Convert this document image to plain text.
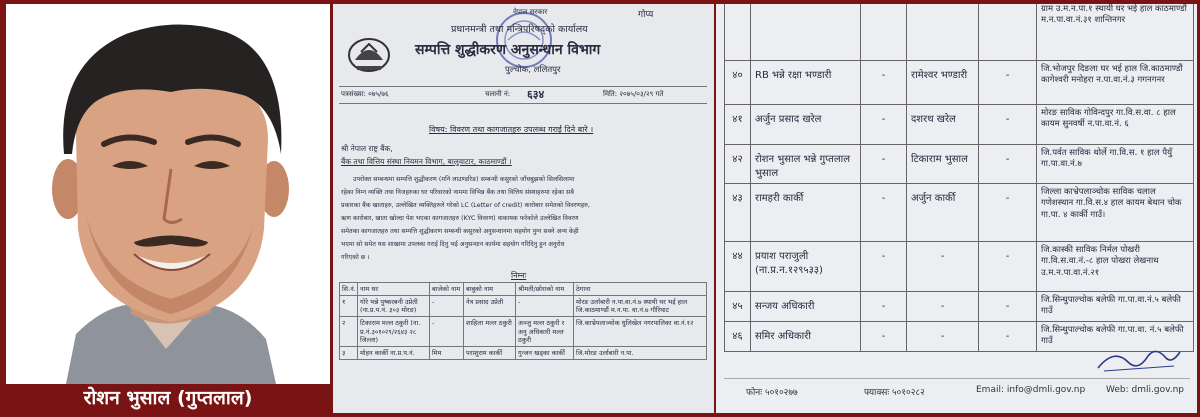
रोशन भुसाल (गुप्तलाल)
गोप्य
नेपाल सरकार
प्रधानमन्त्री तथा मन्त्रिपरिषद्को कार्यालय
सम्पत्ति शुद्धीकरण अनुसन्धान विभाग
पुल्चोक, ललितपुर
पत्रसंख्या: ०७५/७६	चलानी नं: ६३४	मिति: २०७५/०३/२९ गते
विषय: विवरण तथा कागजातहरु उपलब्ध गराई दिने बारे ।
श्री नेपाल राष्ट्र बैंक,
बैंक तथा वित्तिय संस्था नियमन विभाग, बालुवाटार, काठमाण्डौं ।
उपरोक्त सम्बन्धमा सम्पत्ति शुद्धीकरण (मनि लाउण्डरिङ) सम्बन्धी कसुरको जाँचबुझको सिलसिलामा
रहेका निम्न व्यक्ति तथा निजहरुका घर परिवारको नाममा विभिन्न बैंक तथा वित्तिय संस्थाहरुमा रहेका सबै
प्रकारका बैंक खाताहरु, उल्लेखित व्यक्तिहरुले गरेको LC (Letter of credit) कारोबार समेतको विवरणहरु,
ऋण कारोबार, खाता खोल्दा पेश भएका कागजातहरु (KYC विवरण) वाकायक फरेकोले उल्लेखित विवरण
समेतका कागजातहरु तथा सम्पत्ति शुद्धीकरण सम्बन्धी कसुरको अनुसन्धानमा सहयोग पुग्न सक्ने अन्य केही
भएमा सो समेत यस शाखामा उपलब्ध गराई दिनु भई अनुसन्धान कार्यमा सहयोग गरिदिनु हुन अनुरोध
गरिएको छ ।
निम्नः
सि.नं.	नाम थर	बाजेको नाम	बाबुको नाम	श्रीमती/छोराको नाम	ठेगाना
१	गोरे भन्ने पुष्करबनी उप्रेती (ना.प्र.प.नं. ३०३ मोरङ)	-	नेत्र प्रसाद उप्रेती	-	मोरङ उर्लाबारी न.पा.वा.नं.७ स्थायी घर भई हाल जि.काठमाण्डौं म.न.पा. वा.नं.७ गौरिघाट
२	टिकाराम मल्ल ठकुरी (ना. प्र.नं.३०१०२९/२६४३ २८ जिल्ला)	-	शाहिला मल्ल ठकुरी	अञ्जु मल्ल ठकुरी र अनु अधिकारी मल्ल ठकुरी	जि.काभ्रेपलाञ्चोक धुलिखेल नगरपालिका वा.नं.१२
३	मोहन कार्की ना.प्र.प.नं.	मिम	पराशुराम कार्की	गुन्जन खड्का कार्की	जि.मोरङ उर्लाबारी न.पा.
					ग्राम उ.म.न.पा.१ स्थायी घर भई हाल काठमाण्डौं म.न.पा.वा.नं.३१ शान्तिनगर
४०	RB भन्ने रक्षा भण्डारी	-	रामेश्वर भण्डारी	-	जि.भोजपुर दिङला घर भई हाल जि.काठमाण्डौं कागेश्वरी मनोहरा न.पा.वा.नं.३ गगनगनर
४१	अर्जुन प्रसाद खरेल	-	दशरथ खरेल	-	मोरङ साविक गोविन्दपुर गा.वि.स.वा. ८ हाल कायम सुनवर्षी न.पा.वा.नं. ६
४२	रोशन भुसाल भन्ने गुप्तलाल भुसाल	-	टिकाराम भुसाल	-	जि.पर्वत साविक थोर्ले गा.वि.स. १ हाल पैयुँ गा.पा.वा.नं.७
४३	रामहरी कार्की	-	अर्जुन कार्की	-	जिल्ला काभ्रेपलाञ्चोक साविक चलाल गणेशस्थान गा.वि.स.४ हाल कायम बेथान चोक गा.पा. ४ कार्की गाउँ।
४४	प्रयाश पराजुली (ना.प्र.न.१२९५३३)	-	-	-	जि.कास्की साविक निर्मल पोखरी गा.वि.स.वा.नं.-८ हाल पोखरा लेखनाथ उ.म.न.पा.वा.नं.२१
४५	सन्जय अधिकारी	-	-	-	जि.सिन्धुपाल्चोक बलेफी गा.पा.वा.नं.५ बलेफी गाउँ
४६	समिर अधिकारी	-	-	-	जि.सिन्धुपाल्चोक बलेफी गा.पा.वा. नं.५ बलेफी गाउँ
फोनः ५०१०२७७	फ्याक्सः ५०१०२८२	Email: info@dmli.gov.np Web: dmli.gov.np
